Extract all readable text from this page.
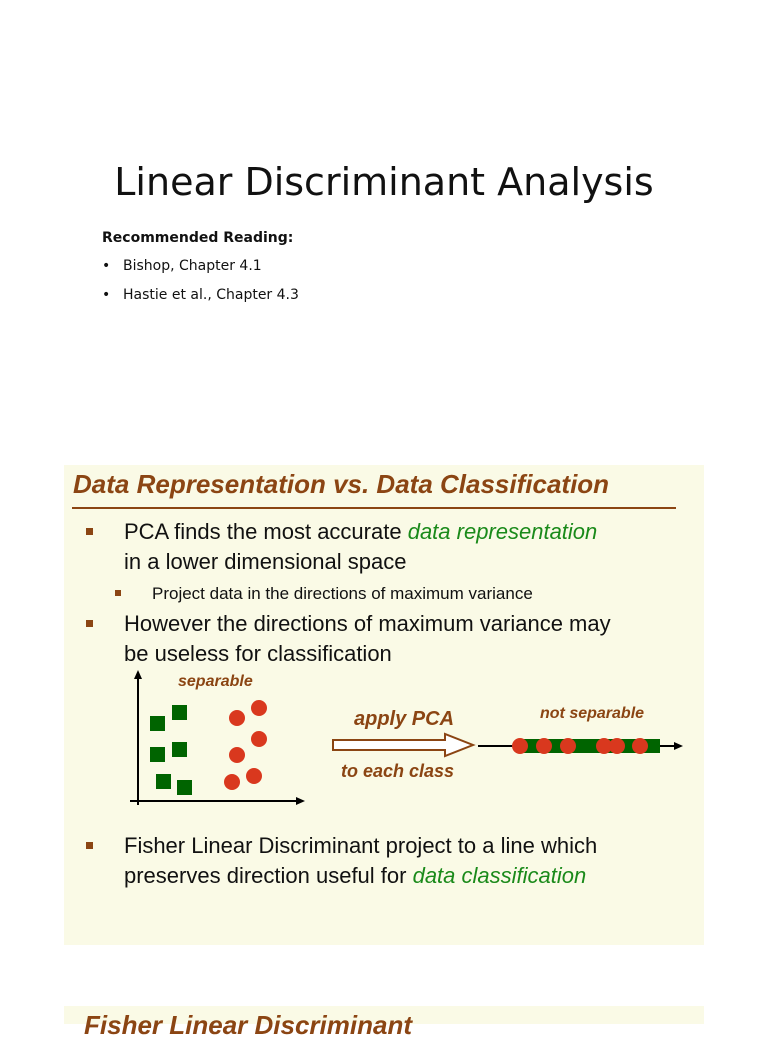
Linear Discriminant Analysis
Recommended Reading:
• Bishop, Chapter 4.1
• Hastie et al., Chapter 4.3
Data Representation vs. Data Classification
PCA finds the most accurate data representation
in a lower dimensional space
Project data in the directions of maximum variance
However the directions of maximum variance may
be useless for classification
separable
apply PCA
to each class
not separable
Fisher Linear Discriminant project to a line which
preserves direction useful for data classification
Fisher Linear Discriminant
